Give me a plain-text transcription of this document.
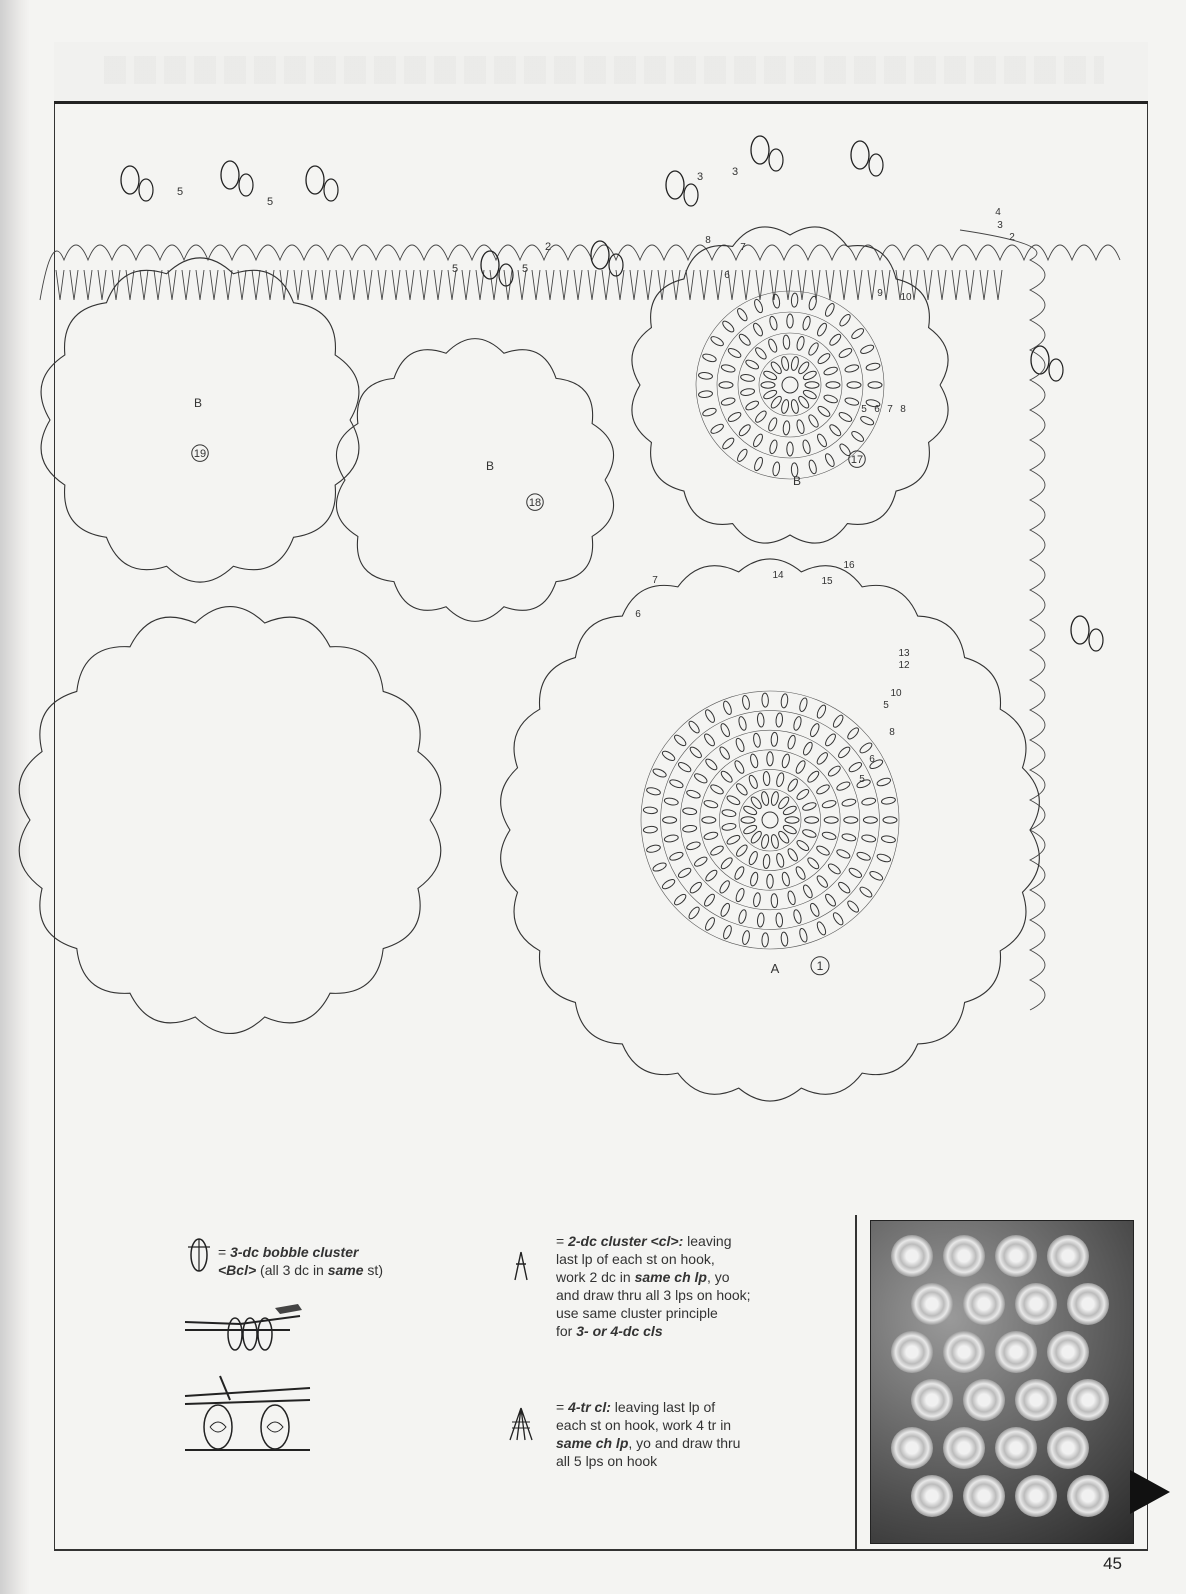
B
19
B
18
B
17
A	1
5
5
5	5
3	3
2
4
3
2
8
7
6
9 10
5 6 7 8
7
6
14
15
16
13
12
10
5
8
6
5
= 3-dc bobble cluster
<Bcl> (all 3 dc in same st)
= 2-dc cluster <cl>: leaving
last lp of each st on hook,
work 2 dc in same ch lp, yo
and draw thru all 3 lps on hook;
use same cluster principle
for 3- or 4-dc cls
= 4-tr cl: leaving last lp of
each st on hook, work 4 tr in
same ch lp, yo and draw thru
all 5 lps on hook
45
